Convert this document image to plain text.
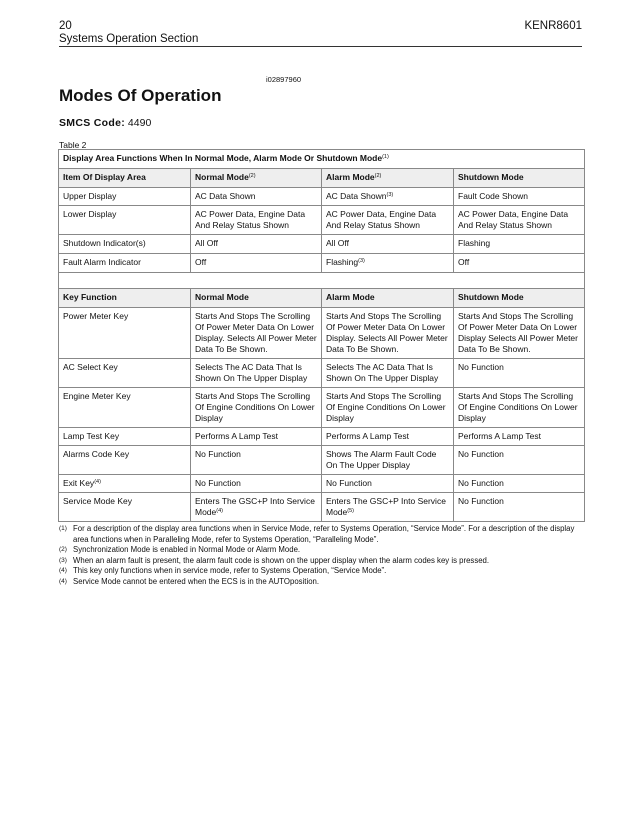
20
Systems Operation Section
KENR8601
i02897960
Modes Of Operation
SMCS Code: 4490
Table 2
Display Area Functions When In Normal Mode, Alarm Mode Or Shutdown Mode$^{(1)}$
Item Of Display Area	Normal Mode$^{(2)}$	Alarm Mode$^{(2)}$	Shutdown Mode
Upper Display	AC Data Shown	AC Data Shown$^{(3)}$	Fault Code Shown
Lower Display	AC Power Data, Engine Data And Relay Status Shown	AC Power Data, Engine Data And Relay Status Shown	AC Power Data, Engine Data And Relay Status Shown
Shutdown Indicator(s)	All Off	All Off	Flashing
Fault Alarm Indicator	Off	Flashing$^{(3)}$	Off

Key Function	Normal Mode	Alarm Mode	Shutdown Mode
Power Meter Key	Starts And Stops The Scrolling Of Power Meter Data On Lower Display. Selects All Power Meter Data To Be Shown.	Starts And Stops The Scrolling Of Power Meter Data On Lower Display. Selects All Power Meter Data To Be Shown.	Starts And Stops The Scrolling Of Power Meter Data On Lower Display Selects All Power Meter Data To Be Shown.
AC Select Key	Selects The AC Data That Is Shown On The Upper Display	Selects The AC Data That Is Shown On The Upper Display	No Function
Engine Meter Key	Starts And Stops The Scrolling Of Engine Conditions On Lower Display	Starts And Stops The Scrolling Of Engine Conditions On Lower Display	Starts And Stops The Scrolling Of Engine Conditions On Lower Display
Lamp Test Key	Performs A Lamp Test	Performs A Lamp Test	Performs A Lamp Test
Alarms Code Key	No Function	Shows The Alarm Fault Code On The Upper Display	No Function
Exit Key$^{(4)}$	No Function	No Function	No Function
Service Mode Key	Enters The GSC+P Into Service Mode$^{(4)}$	Enters The GSC+P Into Service Mode$^{(5)}$	No Function
(1) For a description of the display area functions when in Service Mode, refer to Systems Operation, “Service Mode”. For a description of the display area functions when in Paralleling Mode, refer to Systems Operation, “Paralleling Mode”.
(2) Synchronization Mode is enabled in Normal Mode or Alarm Mode.
(3) When an alarm fault is present, the alarm fault code is shown on the upper display when the alarm codes key is pressed.
(4) This key only functions when in service mode, refer to Systems Operation, “Service Mode”.
(4) Service Mode cannot be entered when the ECS is in the AUTOposition.
